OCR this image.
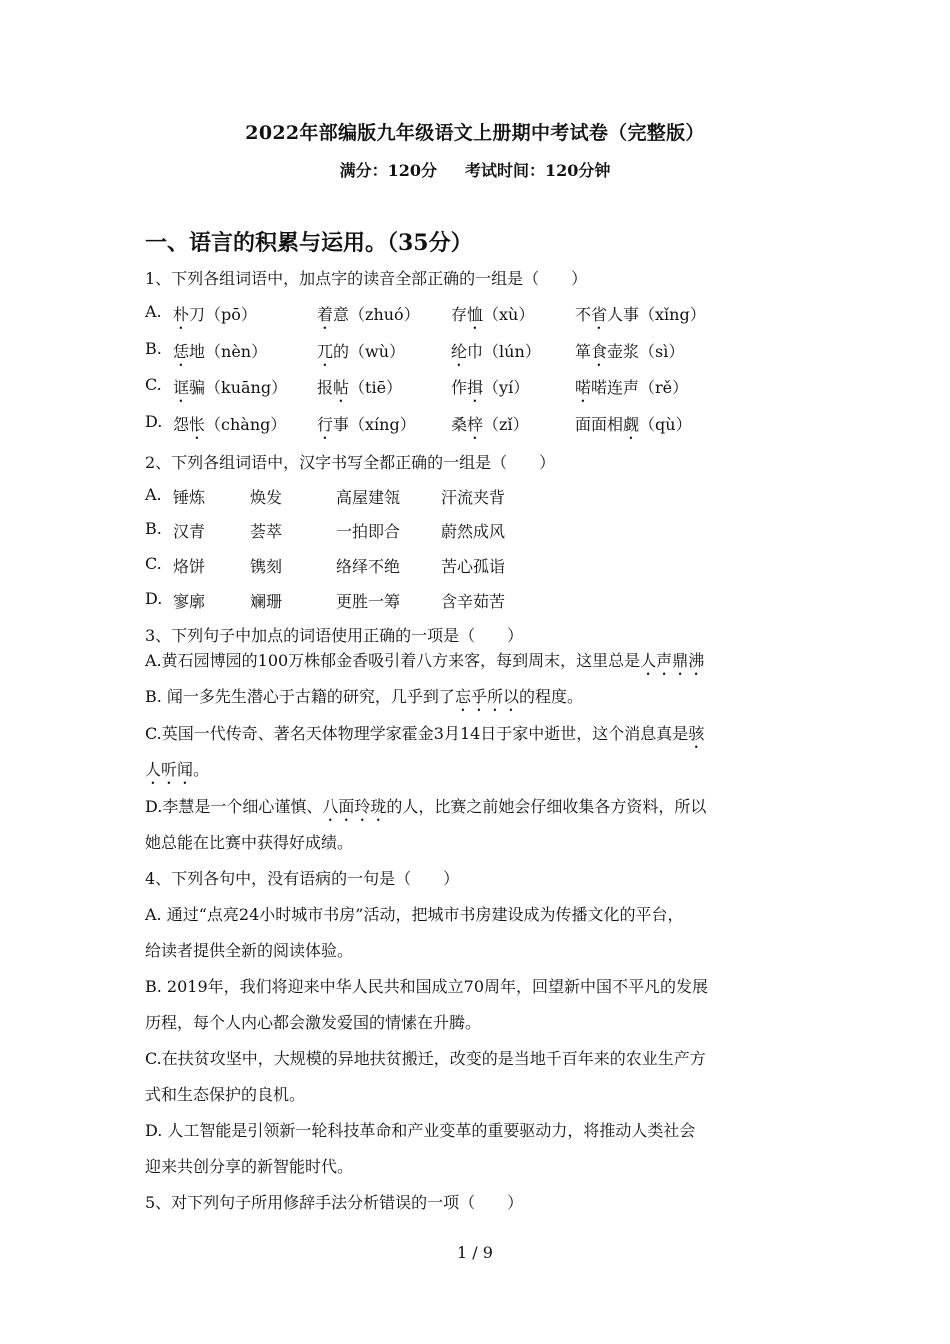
2022年部编版九年级语文上册期中考试卷（完整版）
满分：120分 考试时间：120分钟
一、语言的积累与运用。（35分）
1、下列各组词语中，加点字的读音全部正确的一组是（　　）
A. 朴刀（pō）	着意（zhuó） 存恤（xù）	不省人事（xǐng）
B. 恁地（nèn）	兀的（wù）	纶巾（lún） 箪食壶浆（sì）
C. 诓骗（kuāng） 报帖（tiē）	作揖（yí）	喏喏连声（rě）
D. 怨怅（chàng） 行事（xíng） 桑梓（zǐ）	面面相觑（qù）
2、下列各组词语中，汉字书写全都正确的一组是（　　）
A. 锤炼	焕发	高屋建瓴	汗流夹背
B. 汉青	荟萃	一拍即合	蔚然成风
C. 烙饼	镌刻	络绎不绝	苦心孤诣
D. 寥廓	斓珊	更胜一筹	含辛茹苦
3、下列句子中加点的词语使用正确的一项是（　　）
A.黄石园博园的100万株郁金香吸引着八方来客，每到周末，这里总是人声鼎沸
B. 闻一多先生潜心于古籍的研究，几乎到了忘乎所以的程度。
C.英国一代传奇、著名天体物理学家霍金3月14日于家中逝世，这个消息真是骇
人听闻。
D.李慧是一个细心谨慎、八面玲珑的人，比赛之前她会仔细收集各方资料，所以
她总能在比赛中获得好成绩。
4、下列各句中，没有语病的一句是（　　）
A. 通过“点亮24小时城市书房”活动，把城市书房建设成为传播文化的平台，
给读者提供全新的阅读体验。
B. 2019年，我们将迎来中华人民共和国成立70周年，回望新中国不平凡的发展
历程，每个人内心都会激发爱国的情愫在升腾。
C.在扶贫攻坚中，大规模的异地扶贫搬迁，改变的是当地千百年来的农业生产方
式和生态保护的良机。
D. 人工智能是引领新一轮科技革命和产业变革的重要驱动力，将推动人类社会
迎来共创分享的新智能时代。
5、对下列句子所用修辞手法分析错误的一项（　　）
1 / 9
